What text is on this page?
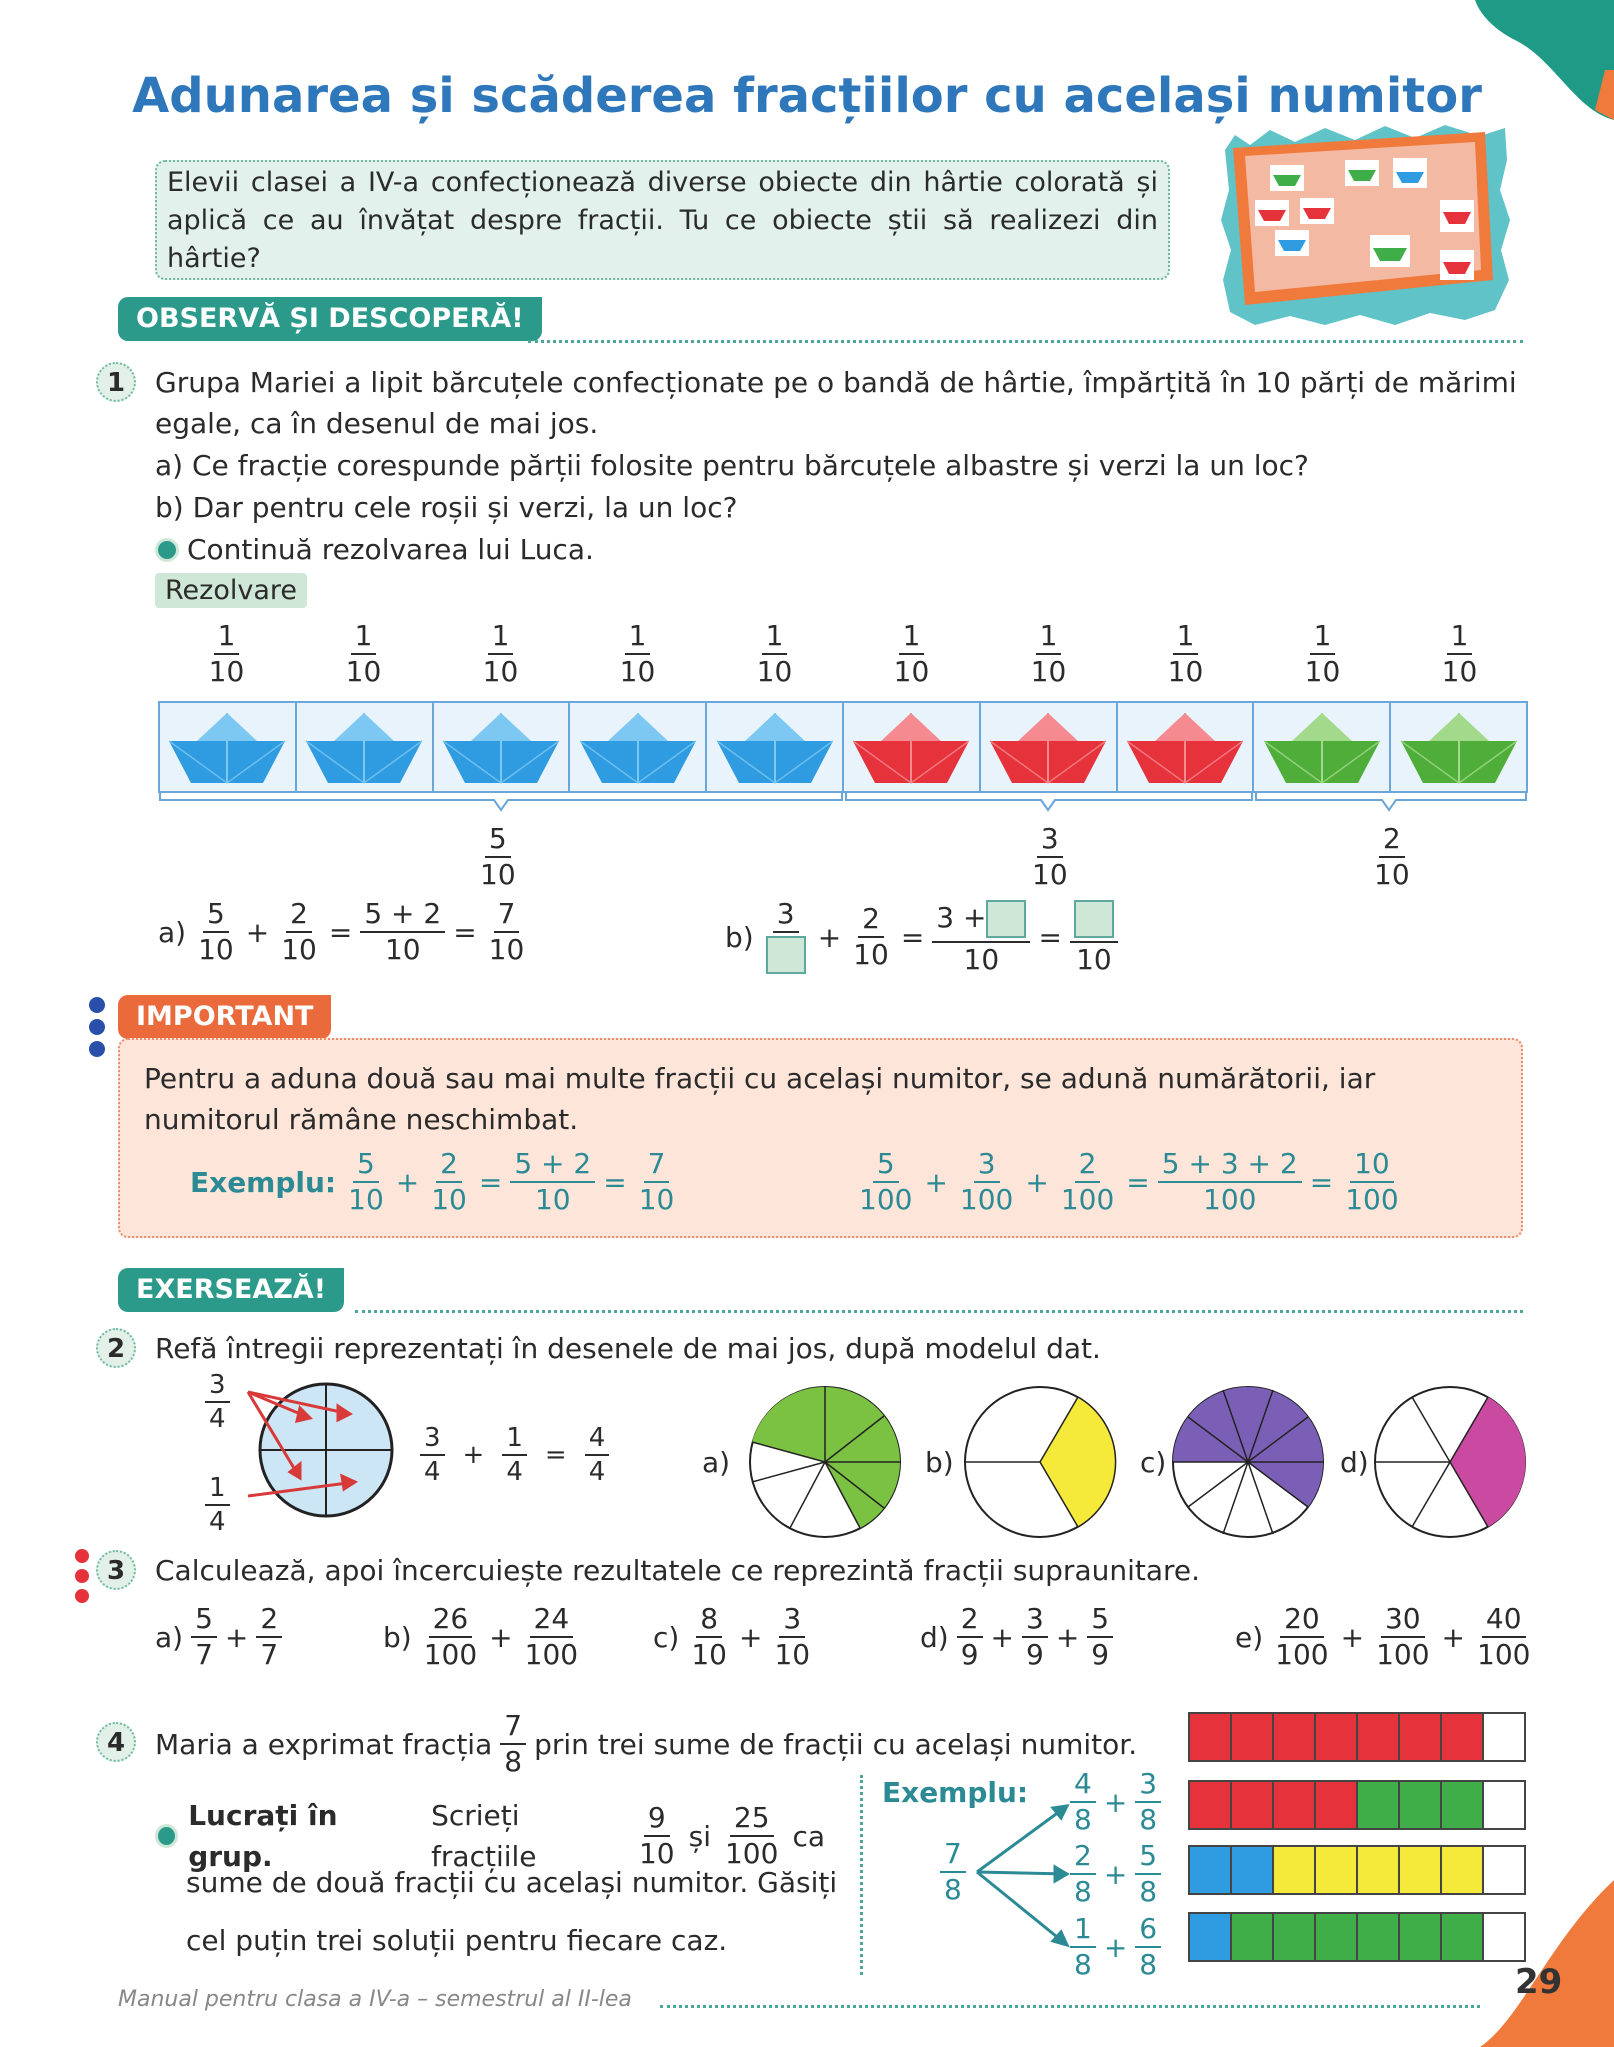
Adunarea și scăderea fracțiilor cu același numitor
Elevii clasei a IV-a confecționează diverse obiecte din hârtie colorată și aplică ce au învățat despre fracții. Tu ce obiecte știi să realizezi din hârtie?
OBSERVĂ ȘI DESCOPERĂ!
1	Grupa Mariei a lipit bărcuțele confecționate pe o bandă de hârtie, împărțită în 10 părți de mărimi egale, ca în desenul de mai jos.
a) Ce fracție corespunde părții folosite pentru bărcuțele albastre și verzi la un loc?
b) Dar pentru cele roșii și verzi, la un loc?
Continuă rezolvarea lui Luca.
Rezolvare
$\frac{1}{10}$	$\frac{1}{10}$	$\frac{1}{10}$	$\frac{1}{10}$	$\frac{1}{10}$	$\frac{1}{10}$	$\frac{1}{10}$	$\frac{1}{10}$	$\frac{1}{10}$	$\frac{1}{10}$
$\frac{5}{10}$	$\frac{3}{10}$	$\frac{2}{10}$
$a) \frac{5}{10} + \frac{2}{10} = \frac{5 + 2}{10} = \frac{7}{10}$	b)
3
+ $\frac{2}{10} = \frac{3 +}{10}$ =
10
IMPORTANT
Pentru a aduna două sau mai multe fracții cu același numitor, se adună numărătorii, iar numitorul rămâne neschimbat.
Exemplu: $\frac{5}{10} + \frac{2}{10} = \frac{5 + 2}{10} = \frac{7}{10}$	$\frac{5}{100} + \frac{3}{100} + \frac{2}{100} = \frac{5 + 3 + 2}{100} = \frac{10}{100}$
EXERSEAZĂ!
2	Refă întregii reprezentați în desenele de mai jos, după modelul dat.
$\frac{3}{4}$
$\frac{1}{4}$
$\frac{3}{4} + \frac{1}{4} = \frac{4}{4}$	a)	b)	c)	d)
3	Calculează, apoi încercuiește rezultatele ce reprezintă fracții supraunitare.
$a) \frac{5}{7} + \frac{2}{7}$	$b) \frac{26}{100} + \frac{24}{100}$	$c) \frac{8}{10} + \frac{3}{10}$	$d) \frac{2}{9} + \frac{3}{9} + \frac{5}{9}$	$e) \frac{20}{100} + \frac{30}{100} + \frac{40}{100}$
4	Maria a exprimat fracția $\frac{7}{8}$ prin trei sume de fracții cu același numitor.
Lucrați în grup.
Scrieți fracțiile	$\frac{9}{10}$ și $\frac{25}{100}$ ca
sume de două fracții cu același numitor. Găsiți
cel puțin trei soluții pentru fiecare caz.
Exemplu:
$\frac{7}{8}$
$\frac{4}{8} + \frac{3}{8}$
$\frac{2}{8} + \frac{5}{8}$
$\frac{1}{8} + \frac{6}{8}$
Manual pentru clasa a IV-a – semestrul al II-lea	29
